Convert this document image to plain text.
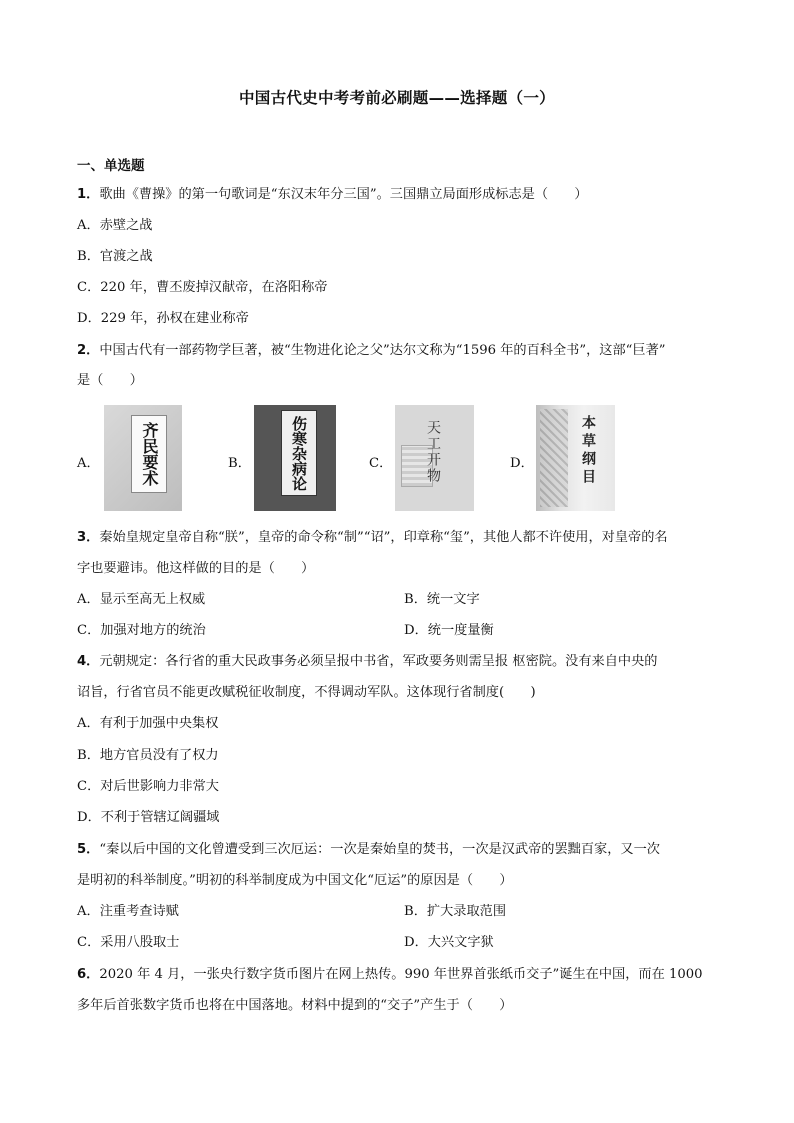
中国古代史中考考前必刷题——选择题（一）
一、单选题
1．歌曲《曹操》的第一句歌词是“东汉末年分三国”。三国鼎立局面形成标志是（　　）
A．赤壁之战
B．官渡之战
C．220 年，曹丕废掉汉献帝，在洛阳称帝
D．229 年，孙权在建业称帝
2．中国古代有一部药物学巨著，被“生物进化论之父”达尔文称为“1596 年的百科全书”，这部“巨著”
是（　　）
A．	齐民要术	B．	伤寒杂病论	C． 天工开物	D．	本草纲目
3．秦始皇规定皇帝自称“朕”，皇帝的命令称“制”“诏”，印章称“玺”，其他人都不许使用，对皇帝的名
字也要避讳。他这样做的目的是（　　）
A．显示至高无上权威	B．统一文字
C．加强对地方的统治	D．统一度量衡
4．元朝规定：各行省的重大民政事务必须呈报中书省，军政要务则需呈报 枢密院。没有来自中央的
诏旨，行省官员不能更改赋税征收制度，不得调动军队。这体现行省制度(　　)
A．有利于加强中央集权
B．地方官员没有了权力
C．对后世影响力非常大
D．不利于管辖辽阔疆域
5．“秦以后中国的文化曾遭受到三次厄运：一次是秦始皇的焚书，一次是汉武帝的罢黜百家，又一次
是明初的科举制度。”明初的科举制度成为中国文化“厄运”的原因是（　　）
A．注重考查诗赋	B．扩大录取范围
C．采用八股取士	D．大兴文字狱
6．2020 年 4 月，一张央行数字货币图片在网上热传。990 年世界首张纸币交子”诞生在中国，而在 1000
多年后首张数字货币也将在中国落地。材料中提到的“交子”产生于（　　）
